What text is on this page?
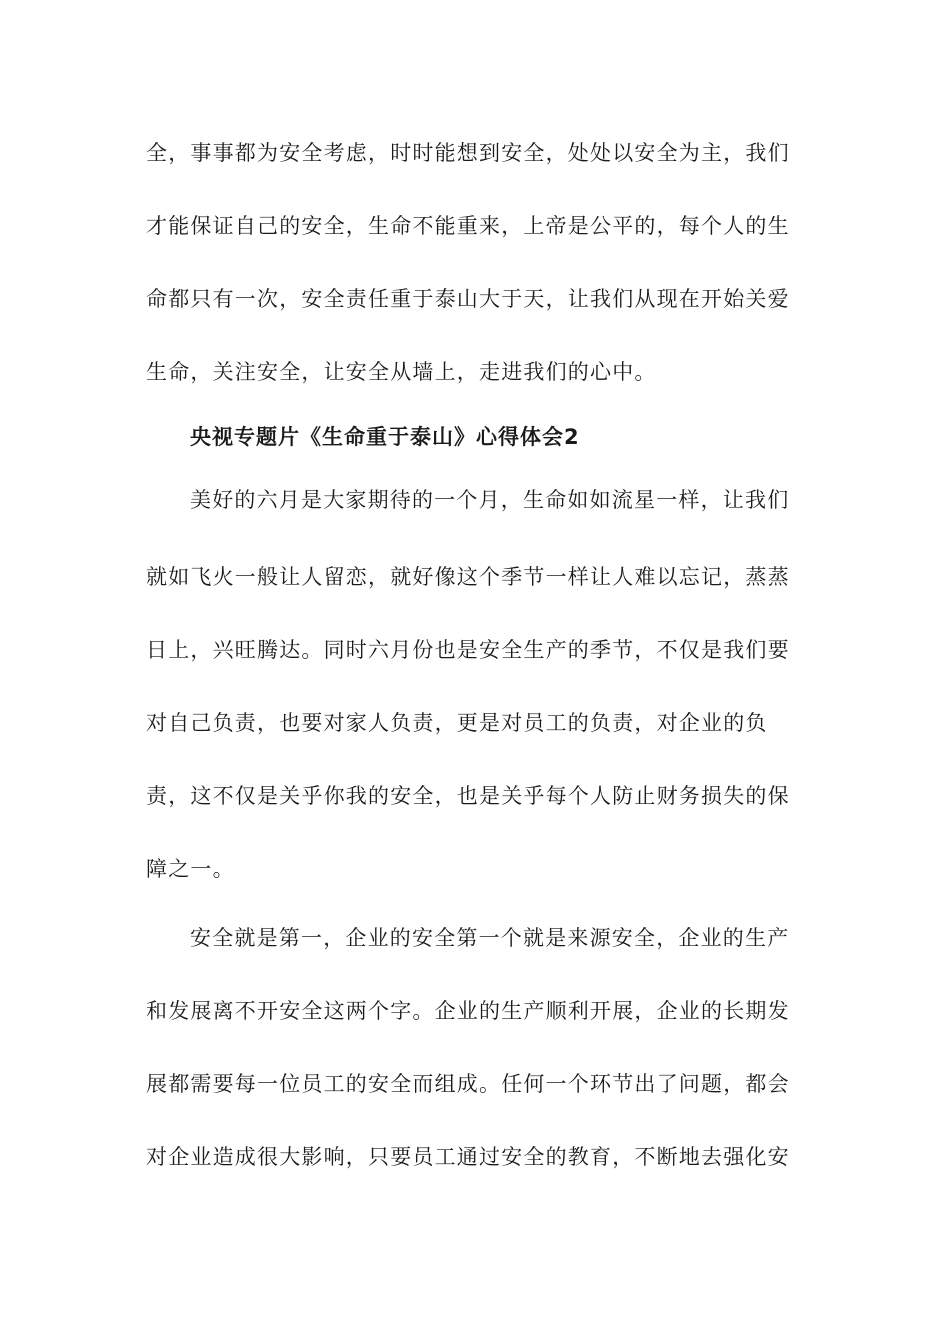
全，事事都为安全考虑，时时能想到安全，处处以安全为主，我们
才能保证自己的安全，生命不能重来，上帝是公平的，每个人的生
命都只有一次，安全责任重于泰山大于天，让我们从现在开始关爱
生命，关注安全，让安全从墙上，走进我们的心中。
央视专题片《生命重于泰山》心得体会2
美好的六月是大家期待的一个月，生命如如流星一样，让我们
就如飞火一般让人留恋，就好像这个季节一样让人难以忘记，蒸蒸
日上，兴旺腾达。同时六月份也是安全生产的季节，不仅是我们要
对自己负责，也要对家人负责，更是对员工的负责，对企业的负
责，这不仅是关乎你我的安全，也是关乎每个人防止财务损失的保
障之一。
安全就是第一，企业的安全第一个就是来源安全，企业的生产
和发展离不开安全这两个字。企业的生产顺利开展，企业的长期发
展都需要每一位员工的安全而组成。任何一个环节出了问题，都会
对企业造成很大影响，只要员工通过安全的教育，不断地去强化安
